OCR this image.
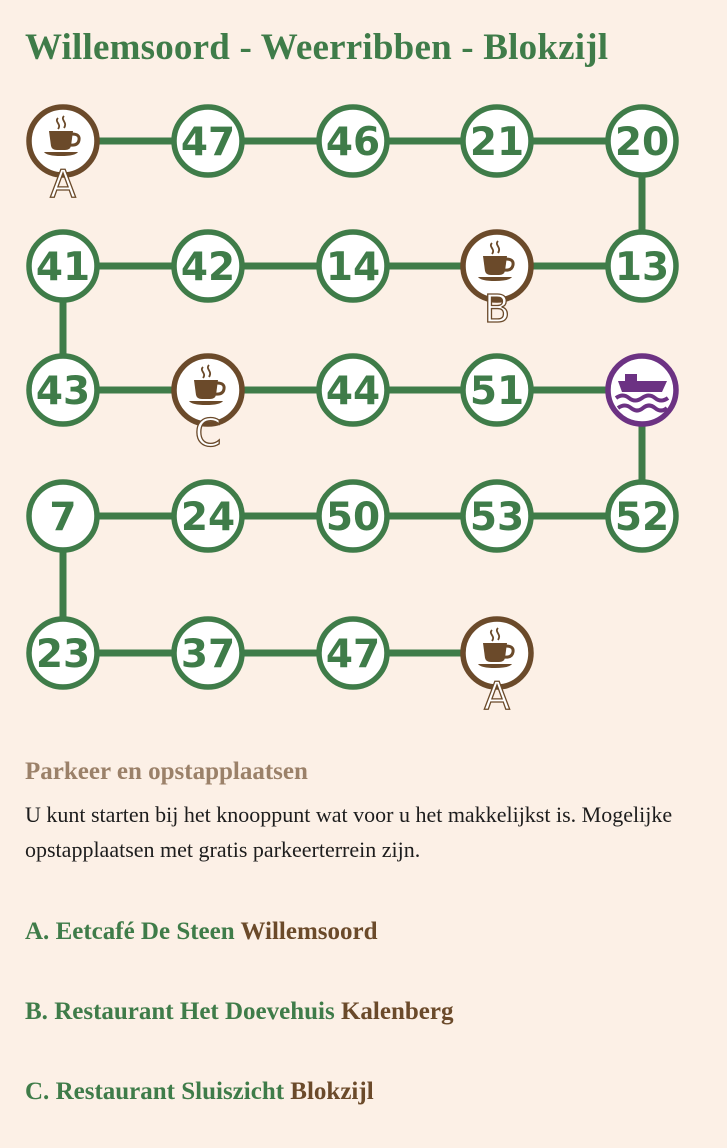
Willemsoord - Weerribben - Blokzijl
A
47 46 21 20
41 42 14
B
13
43
C
44 51
7	24 50 53 52
23 37 47
A
Parkeer en opstapplaatsen
U kunt starten bij het knooppunt wat voor u het makkelijkst is. Mogelijke opstapplaatsen met gratis parkeerterrein zijn.
A. Eetcafé De Steen Willemsoord
B. Restaurant Het Doevehuis Kalenberg
C. Restaurant Sluiszicht Blokzijl
